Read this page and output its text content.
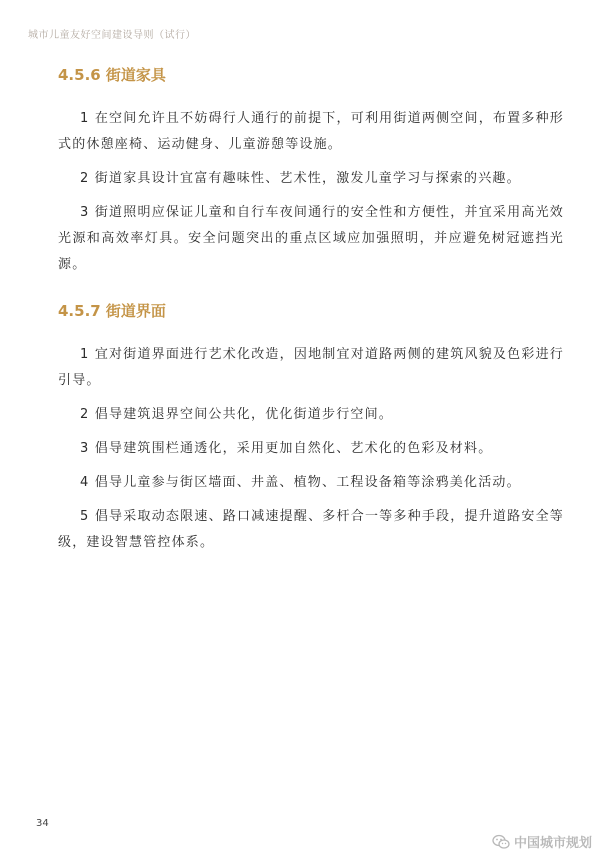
城市儿童友好空间建设导则（试行）
4.5.6 街道家具

1 在空间允许且不妨碍行人通行的前提下，可利用街道两侧空间，布置多种形式的休憩座椅、运动健身、儿童游憩等设施。

2 街道家具设计宜富有趣味性、艺术性，激发儿童学习与探索的兴趣。

3 街道照明应保证儿童和自行车夜间通行的安全性和方便性，并宜采用高光效光源和高效率灯具。安全问题突出的重点区域应加强照明，并应避免树冠遮挡光源。

4.5.7 街道界面

1 宜对街道界面进行艺术化改造，因地制宜对道路两侧的建筑风貌及色彩进行引导。

2 倡导建筑退界空间公共化，优化街道步行空间。

3 倡导建筑围栏通透化，采用更加自然化、艺术化的色彩及材料。

4 倡导儿童参与街区墙面、井盖、植物、工程设备箱等涂鸦美化活动。

5 倡导采取动态限速、路口减速提醒、多杆合一等多种手段，提升道路安全等级，建设智慧管控体系。

34
中国城市规划
